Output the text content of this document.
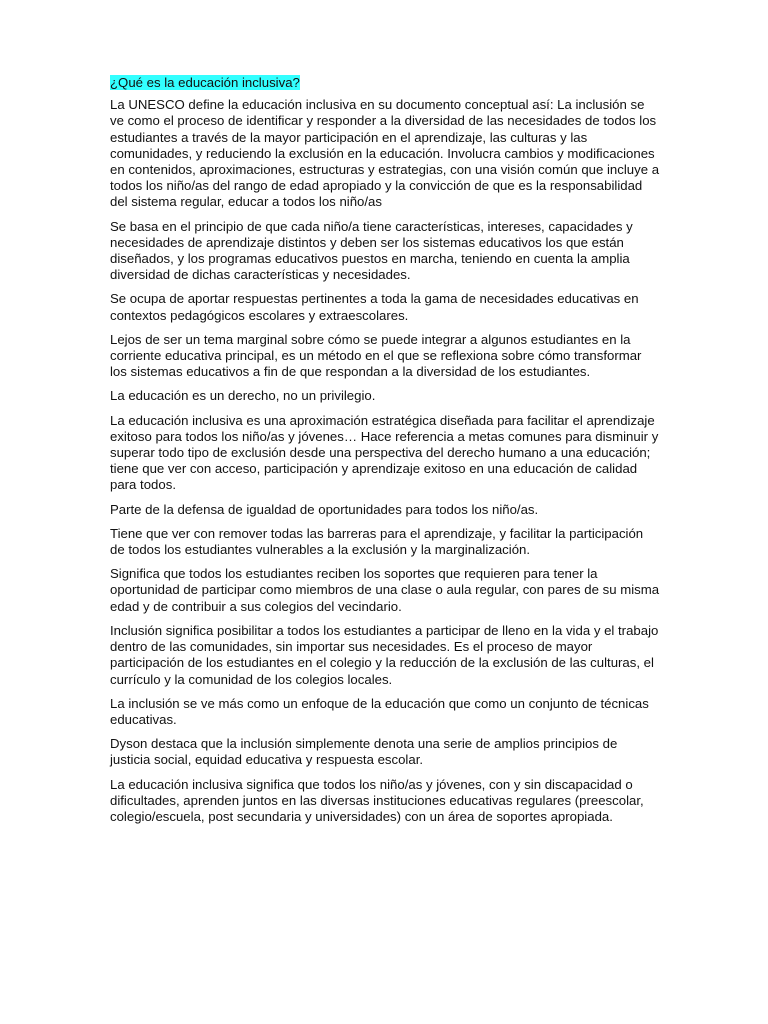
¿Qué es la educación inclusiva?

La UNESCO define la educación inclusiva en su documento conceptual así: La inclusión se ve como el proceso de identificar y responder a la diversidad de las necesidades de todos los estudiantes a través de la mayor participación en el aprendizaje, las culturas y las comunidades, y reduciendo la exclusión en la educación. Involucra cambios y modificaciones en contenidos, aproximaciones, estructuras y estrategias, con una visión común que incluye a todos los niño/as del rango de edad apropiado y la convicción de que es la responsabilidad del sistema regular, educar a todos los niño/as

Se basa en el principio de que cada niño/a tiene características, intereses, capacidades y necesidades de aprendizaje distintos y deben ser los sistemas educativos los que están diseñados, y los programas educativos puestos en marcha, teniendo en cuenta la amplia diversidad de dichas características y necesidades.

Se ocupa de aportar respuestas pertinentes a toda la gama de necesidades educativas en contextos pedagógicos escolares y extraescolares.

Lejos de ser un tema marginal sobre cómo se puede integrar a algunos estudiantes en la corriente educativa principal, es un método en el que se reflexiona sobre cómo transformar los sistemas educativos a fin de que respondan a la diversidad de los estudiantes.

La educación es un derecho, no un privilegio.

La educación inclusiva es una aproximación estratégica diseñada para facilitar el aprendizaje exitoso para todos los niño/as y jóvenes… Hace referencia a metas comunes para disminuir y superar todo tipo de exclusión desde una perspectiva del derecho humano a una educación; tiene que ver con acceso, participación y aprendizaje exitoso en una educación de calidad para todos.

Parte de la defensa de igualdad de oportunidades para todos los niño/as.

Tiene que ver con remover todas las barreras para el aprendizaje, y facilitar la participación de todos los estudiantes vulnerables a la exclusión y la marginalización.

Significa que todos los estudiantes reciben los soportes que requieren para tener la oportunidad de participar como miembros de una clase o aula regular, con pares de su misma edad y de contribuir a sus colegios del vecindario.

Inclusión significa posibilitar a todos los estudiantes a participar de lleno en la vida y el trabajo dentro de las comunidades, sin importar sus necesidades. Es el proceso de mayor participación de los estudiantes en el colegio y la reducción de la exclusión de las culturas, el currículo y la comunidad de los colegios locales.

La inclusión se ve más como un enfoque de la educación que como un conjunto de técnicas educativas.

Dyson destaca que la inclusión simplemente denota una serie de amplios principios de justicia social, equidad educativa y respuesta escolar.

La educación inclusiva significa que todos los niño/as y jóvenes, con y sin discapacidad o dificultades, aprenden juntos en las diversas instituciones educativas regulares (preescolar, colegio/escuela, post secundaria y universidades) con un área de soportes apropiada.
